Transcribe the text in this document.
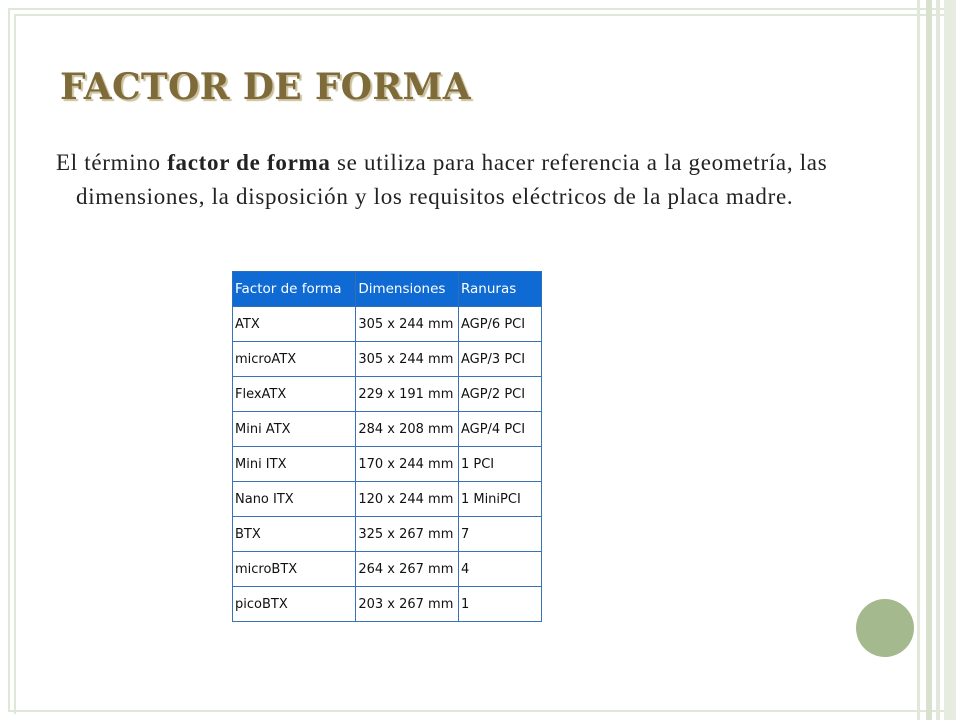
FACTOR DE FORMA

El término factor de forma se utiliza para hacer referencia a la geometría, las dimensiones, la disposición y los requisitos eléctricos de la placa madre.

Factor de forma	Dimensiones	Ranuras
ATX	305 x 244 mm	AGP/6 PCI
microATX	305 x 244 mm	AGP/3 PCI
FlexATX	229 x 191 mm	AGP/2 PCI
Mini ATX	284 x 208 mm	AGP/4 PCI
Mini ITX	170 x 244 mm	1 PCI
Nano ITX	120 x 244 mm	1 MiniPCI
BTX	325 x 267 mm	7
microBTX	264 x 267 mm	4
picoBTX	203 x 267 mm	1
